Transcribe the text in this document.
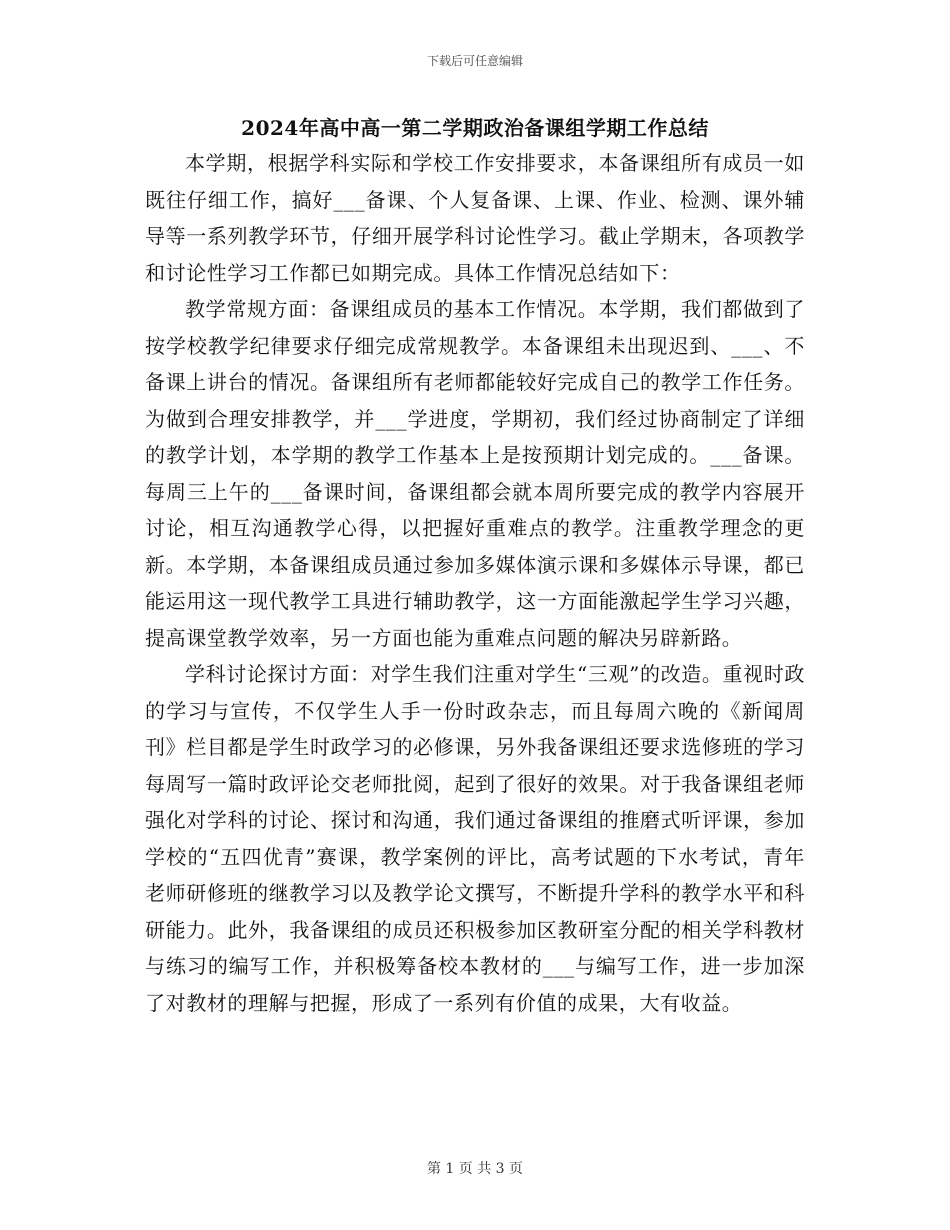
下载后可任意编辑
2024年高中高一第二学期政治备课组学期工作总结

本学期，根据学科实际和学校工作安排要求，本备课组所有成员一如既往仔细工作，搞好___备课、个人复备课、上课、作业、检测、课外辅导等一系列教学环节，仔细开展学科讨论性学习。截止学期末，各项教学和讨论性学习工作都已如期完成。具体工作情况总结如下：

教学常规方面：备课组成员的基本工作情况。本学期，我们都做到了按学校教学纪律要求仔细完成常规教学。本备课组未出现迟到、___、不备课上讲台的情况。备课组所有老师都能较好完成自己的教学工作任务。为做到合理安排教学，并___学进度，学期初，我们经过协商制定了详细的教学计划，本学期的教学工作基本上是按预期计划完成的。___备课。每周三上午的___备课时间，备课组都会就本周所要完成的教学内容展开讨论，相互沟通教学心得，以把握好重难点的教学。注重教学理念的更新。本学期，本备课组成员通过参加多媒体演示课和多媒体示导课，都已能运用这一现代教学工具进行辅助教学，这一方面能激起学生学习兴趣，提高课堂教学效率，另一方面也能为重难点问题的解决另辟新路。

学科讨论探讨方面：对学生我们注重对学生“三观”的改造。重视时政的学习与宣传，不仅学生人手一份时政杂志，而且每周六晚的《新闻周刊》栏目都是学生时政学习的必修课，另外我备课组还要求选修班的学习每周写一篇时政评论交老师批阅，起到了很好的效果。对于我备课组老师强化对学科的讨论、探讨和沟通，我们通过备课组的推磨式听评课，参加学校的“五四优青”赛课，教学案例的评比，高考试题的下水考试，青年老师研修班的继教学习以及教学论文撰写，不断提升学科的教学水平和科研能力。此外，我备课组的成员还积极参加区教研室分配的相关学科教材与练习的编写工作，并积极筹备校本教材的___与编写工作，进一步加深了对教材的理解与把握，形成了一系列有价值的成果，大有收益。

第 1 页 共 3 页
